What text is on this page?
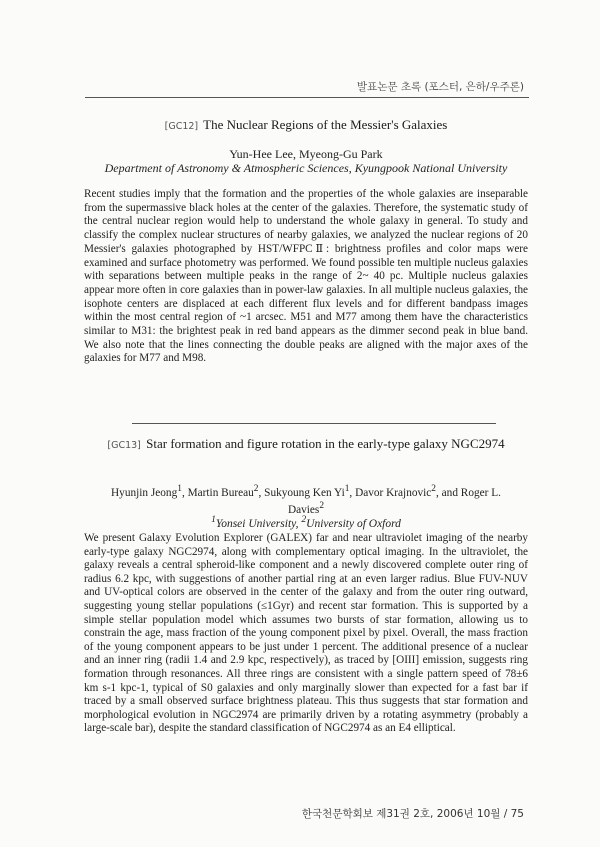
발표논문 초록 (포스터, 은하/우주론)
[GC12] The Nuclear Regions of the Messier's Galaxies
Yun-Hee Lee, Myeong-Gu Park
Department of Astronomy & Atmospheric Sciences, Kyungpook National University
Recent studies imply that the formation and the properties of the whole galaxies are inseparable from the supermassive black holes at the center of the galaxies. Therefore, the systematic study of the central nuclear region would help to understand the whole galaxy in general. To study and classify the complex nuclear structures of nearby galaxies, we analyzed the nuclear regions of 20 Messier's galaxies photographed by HST/WFPCⅡ: brightness profiles and color maps were examined and surface photometry was performed. We found possible ten multiple nucleus galaxies with separations between multiple peaks in the range of 2~ 40 pc. Multiple nucleus galaxies appear more often in core galaxies than in power-law galaxies. In all multiple nucleus galaxies, the isophote centers are displaced at each different flux levels and for different bandpass images within the most central region of ~1 arcsec. M51 and M77 among them have the characteristics similar to M31: the brightest peak in red band appears as the dimmer second peak in blue band. We also note that the lines connecting the double peaks are aligned with the major axes of the galaxies for M77 and M98.
[GC13] Star formation and figure rotation in the early-type galaxy NGC2974
Hyunjin Jeong$^1$, Martin Bureau$^2$, Sukyoung Ken Yi$^1$, Davor Krajnovic$^2$, and Roger L. Davies$^2$
$^1$Yonsei University, $^2$University of Oxford
We present Galaxy Evolution Explorer (GALEX) far and near ultraviolet imaging of the nearby early-type galaxy NGC2974, along with complementary optical imaging. In the ultraviolet, the galaxy reveals a central spheroid-like component and a newly discovered complete outer ring of radius 6.2 kpc, with suggestions of another partial ring at an even larger radius. Blue FUV-NUV and UV-optical colors are observed in the center of the galaxy and from the outer ring outward, suggesting young stellar populations (≤1Gyr) and recent star formation. This is supported by a simple stellar population model which assumes two bursts of star formation, allowing us to constrain the age, mass fraction of the young component pixel by pixel. Overall, the mass fraction of the young component appears to be just under 1 percent. The additional presence of a nuclear and an inner ring (radii 1.4 and 2.9 kpc, respectively), as traced by [OIII] emission, suggests ring formation through resonances. All three rings are consistent with a single pattern speed of 78±6 km s-1 kpc-1, typical of S0 galaxies and only marginally slower than expected for a fast bar if traced by a small observed surface brightness plateau. This thus suggests that star formation and morphological evolution in NGC2974 are primarily driven by a rotating asymmetry (probably a large-scale bar), despite the standard classification of NGC2974 as an E4 elliptical.
한국천문학회보 제31권 2호, 2006년 10월 / 75
